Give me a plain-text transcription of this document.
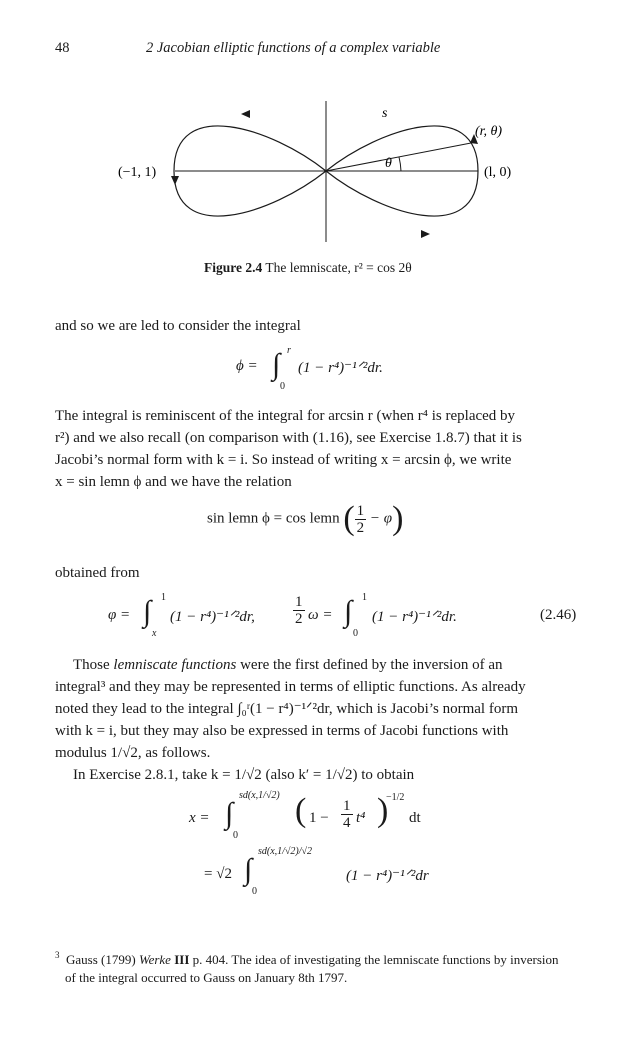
48	2 Jacobian elliptic functions of a complex variable
s
(r, θ)
θ
(−1, 1)	(l, 0)
Figure 2.4 The lemniscate, r² = cos 2θ
and so we are led to consider the integral
ϕ = ∫ r
0
(1 − r⁴)⁻¹ᐟ²dr.
The integral is reminiscent of the integral for arcsin r (when r⁴ is replaced by
r²) and we also recall (on comparison with (1.16), see Exercise 1.8.7) that it is
Jacobi’s normal form with k = i. So instead of writing x = arcsin ϕ, we write
x = sin lemn ϕ and we have the relation
sin lemn ϕ = cos lemn ( $\frac{1}{2} - \varphi$)
obtained from
φ = ∫ 1
x
(1 − r⁴)⁻¹ᐟ²dr,	$\frac{1}{2}$ ω = ∫ 1
0
(1 − r⁴)⁻¹ᐟ²dr.	(2.46)
Those lemniscate functions were the first defined by the inversion of an
integral³ and they may be represented in terms of elliptic functions. As already
noted they lead to the integral ∫₀ʳ(1 − r⁴)⁻¹ᐟ²dr, which is Jacobi’s normal form
with k = i, but they may also be expressed in terms of Jacobi functions with
modulus 1/√2, as follows.
In Exercise 2.8.1, take k = 1/√2 (also k′ = 1/√2) to obtain
x = ∫
sd(x,1/√2)
0
( $1 - \frac{1}{4} t^4$ )
−1/2
dt
= √2 ∫
sd(x,1/√2)/√2
0
(1 − r⁴)⁻¹ᐟ²dr
$^3$ Gauss (1799) Werke III p. 404. The idea of investigating the lemniscate functions by inversion
of the integral occurred to Gauss on January 8th 1797.
